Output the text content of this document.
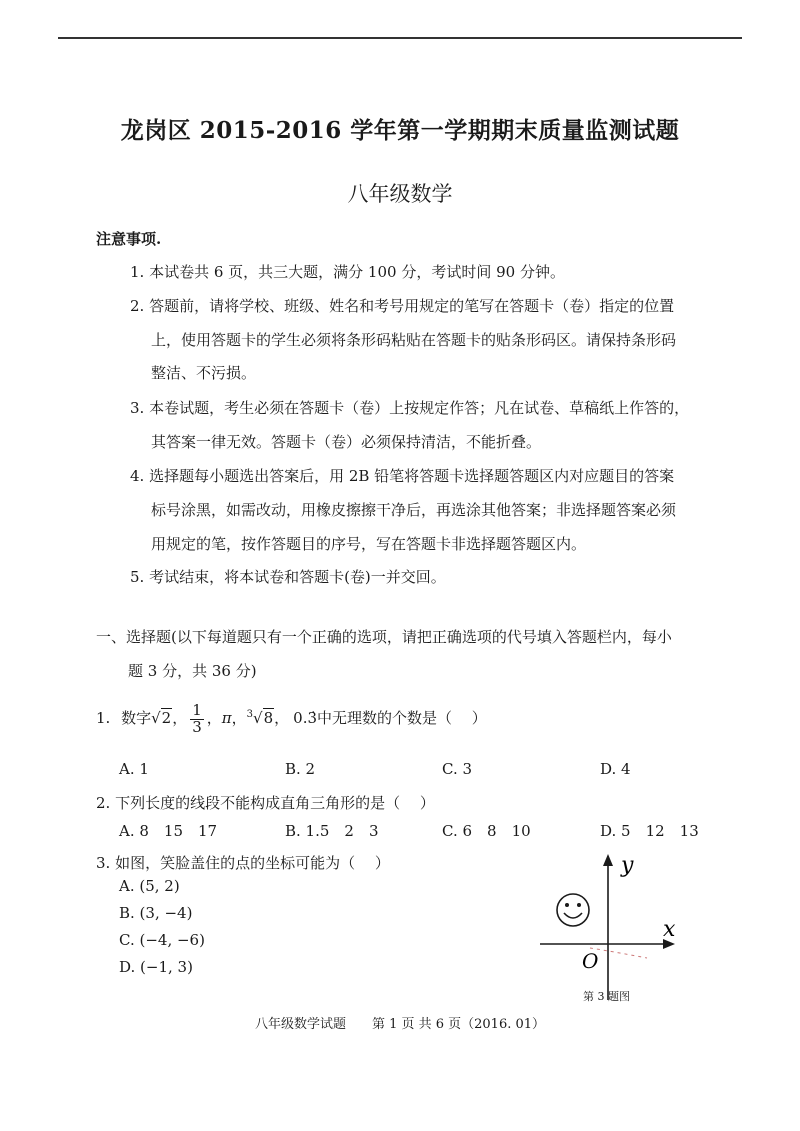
龙岗区 2015-2016 学年第一学期期末质量监测试题
八年级数学
注意事项.
1. 本试卷共 6 页，共三大题，满分 100 分，考试时间 90 分钟。
2. 答题前，请将学校、班级、姓名和考号用规定的笔写在答题卡（卷）指定的位置
上，使用答题卡的学生必须将条形码粘贴在答题卡的贴条形码区。请保持条形码
整洁、不污损。
3. 本卷试题，考生必须在答题卡（卷）上按规定作答；凡在试卷、草稿纸上作答的，
其答案一律无效。答题卡（卷）必须保持清洁，不能折叠。
4. 选择题每小题选出答案后，用 2B 铅笔将答题卡选择题答题区内对应题目的答案
标号涂黑，如需改动，用橡皮擦擦干净后，再选涂其他答案；非选择题答案必须
用规定的笔，按作答题目的序号，写在答题卡非选择题答题区内。
5. 考试结束，将本试卷和答题卡(卷)一并交回。
一、选择题(以下每道题只有一个正确的选项，请把正确选项的代号填入答题栏内，每小
题 3 分，共 36 分)
1. 数字√2， $\frac{1}{3}$ ，π，$^3$√8， 0.3̇中无理数的个数是（　 ）
A. 1	B. 2	C. 3	D. 4
2. 下列长度的线段不能构成直角三角形的是（　 ）
A. 8　15　17	B. 1.5　2　3	C. 6　8　10	D. 5　12　13
3. 如图，笑脸盖住的点的坐标可能为（　 ）
A. (5, 2)
B. (3, −4)
C. (−4, −6)
D. (−1, 3)
y
x
O
第 3 题图
八年级数学试题　　第 1 页 共 6 页（2016. 01）
